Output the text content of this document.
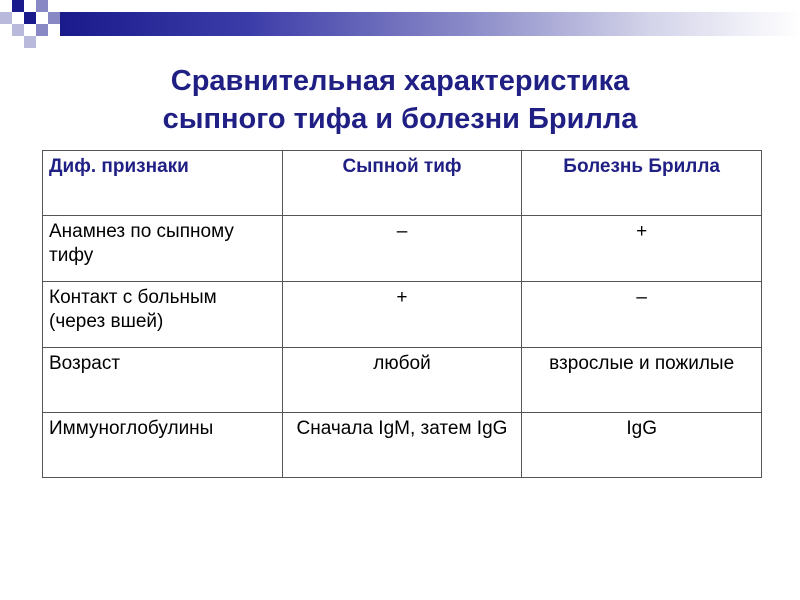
Сравнительная характеристика
сыпного тифа и болезни Брилла
Диф. признаки	Сыпной тиф	Болезнь Брилла
Анамнез по сыпному тифу	–	+
Контакт с больным (через вшей)	+	–
Возраст	любой	взрослые и пожилые
Иммуноглобулины	Сначала IgM, затем IgG	IgG
